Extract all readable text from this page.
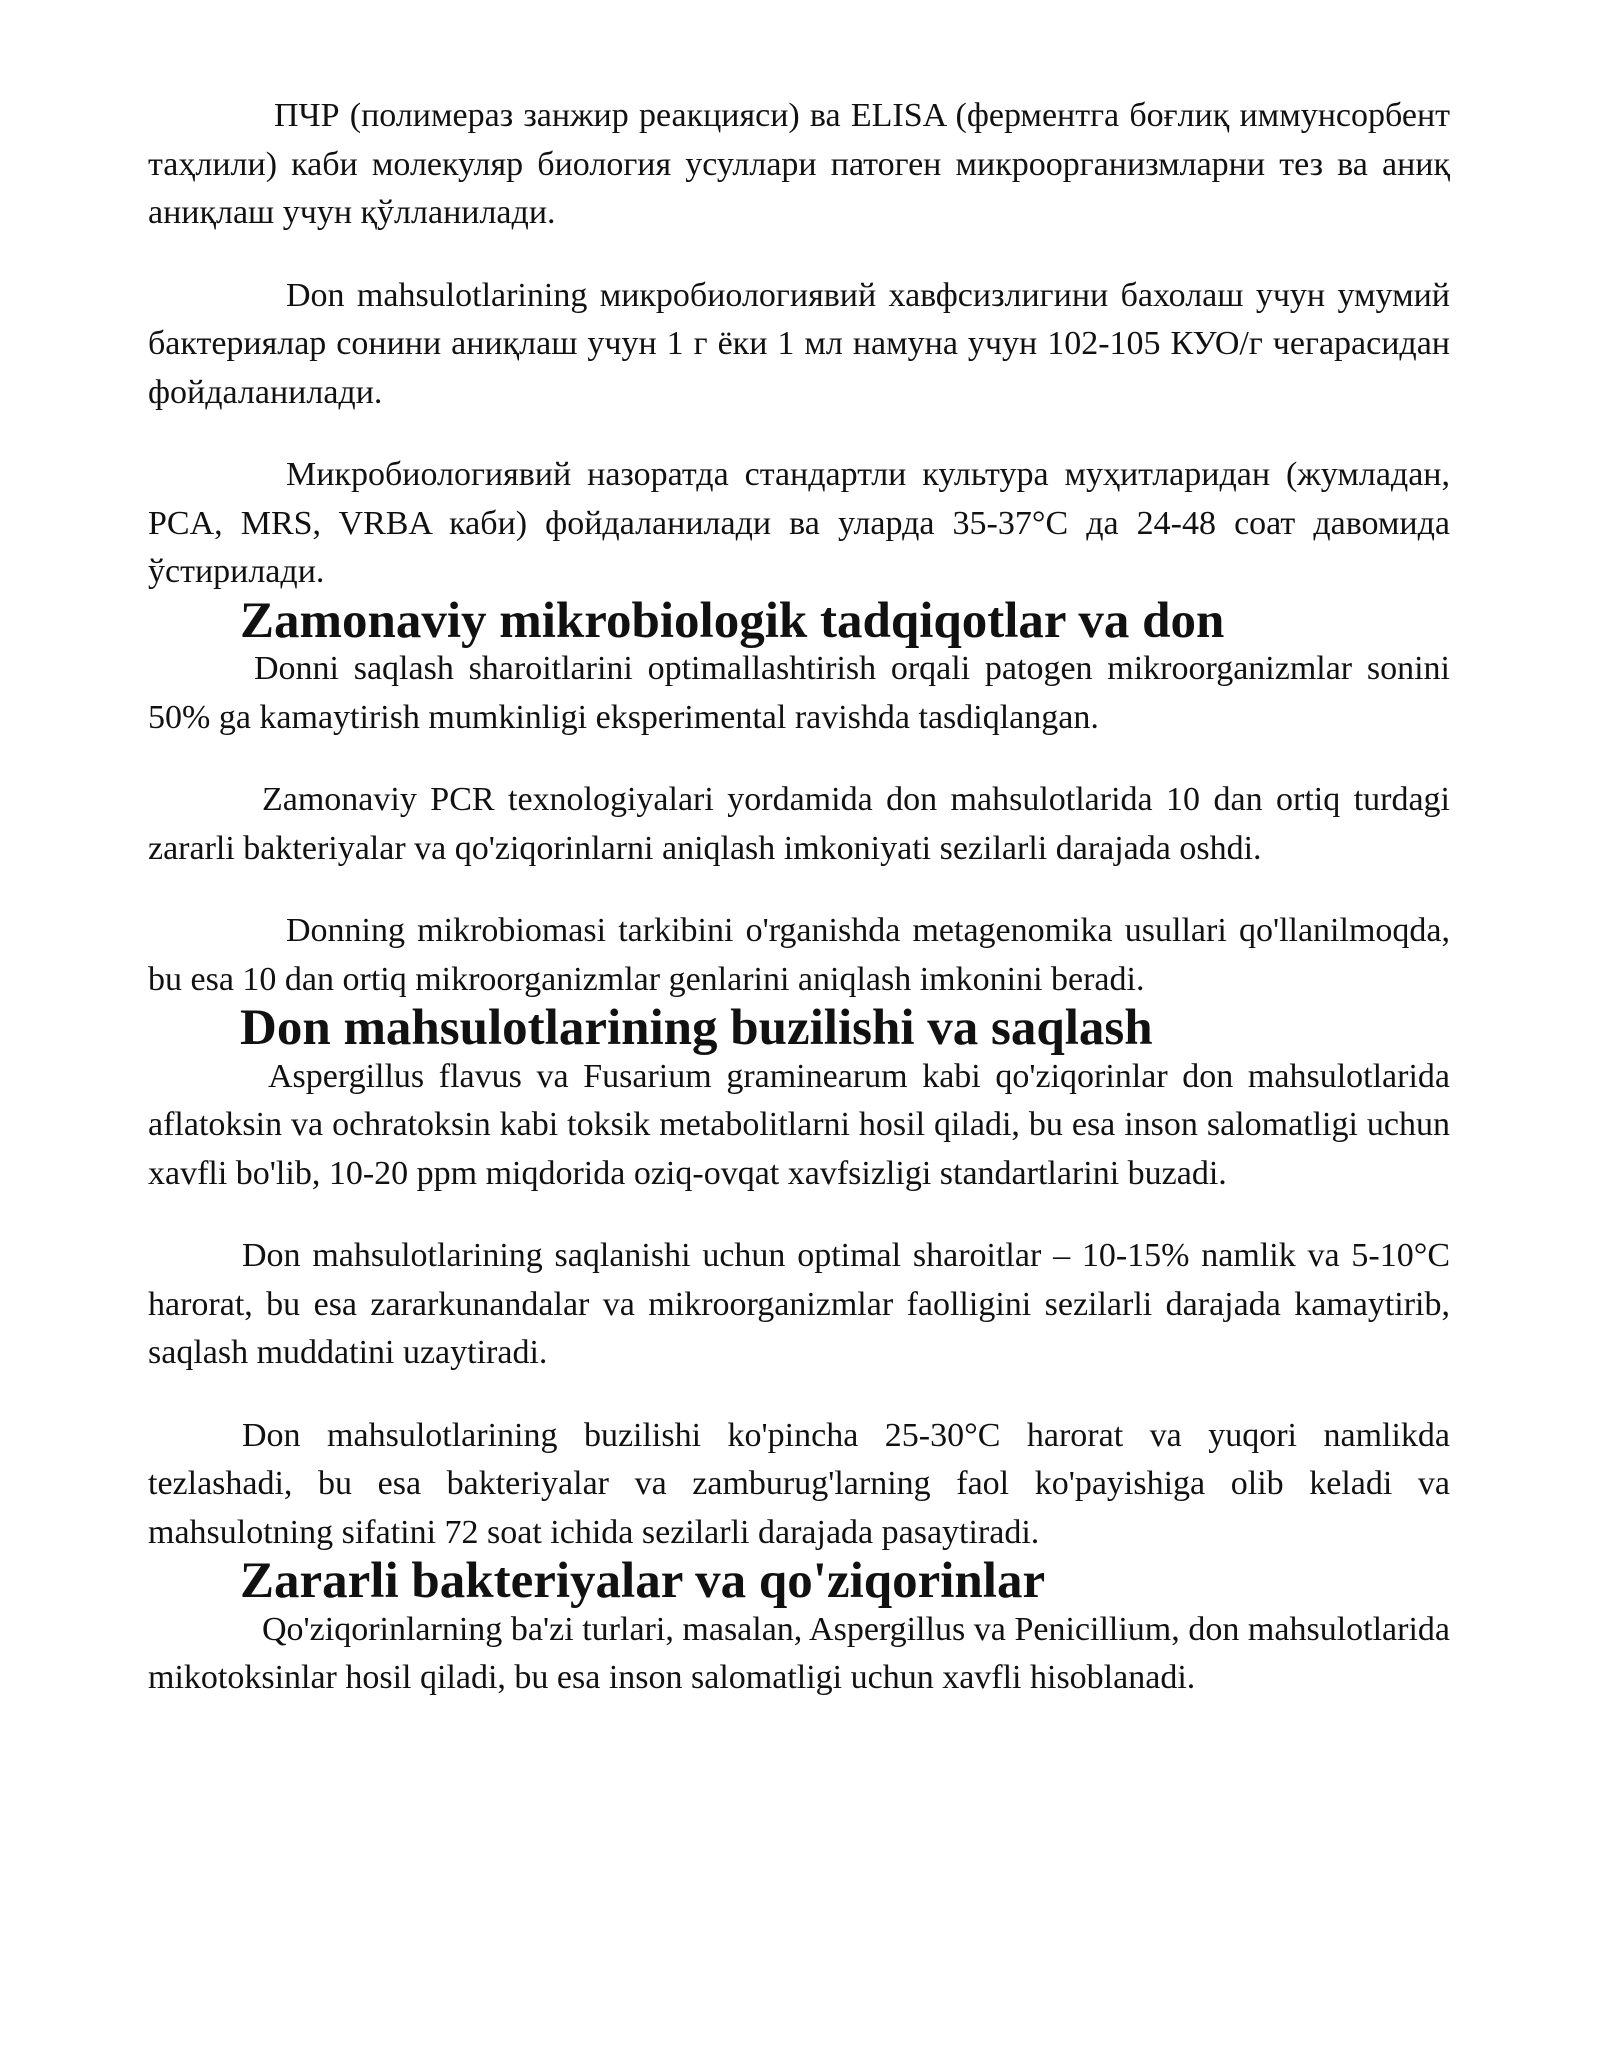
ПЧР (полимераз занжир реакцияси) ва ELISA (ферментга боғлиқ иммунсорбент таҳлили) каби молекуляр биология усуллари патоген микроорганизмларни тез ва аниқ аниқлаш учун қўлланилади.

Don mahsulotlarining микробиологиявий хавфсизлигини бахолаш учун умумий бактериялар сонини аниқлаш учун 1 г ёки 1 мл намуна учун 102-105 КУО/г чегарасидан фойдаланилади.

Микробиологиявий назоратда стандартли культура муҳитларидан (жумладан, PCA, MRS, VRBA каби) фойдаланилади ва уларда 35-37°С да 24-48 соат давомида ўстирилади.

Zamonaviy mikrobiologik tadqiqotlar va don

Donni saqlash sharoitlarini optimallashtirish orqali patogen mikroorganizmlar sonini 50% ga kamaytirish mumkinligi eksperimental ravishda tasdiqlangan.

Zamonaviy PCR texnologiyalari yordamida don mahsulotlarida 10 dan ortiq turdagi zararli bakteriyalar va qo'ziqorinlarni aniqlash imkoniyati sezilarli darajada oshdi.

Donning mikrobiomasi tarkibini o'rganishda metagenomika usullari qo'llanilmoqda, bu esa 10 dan ortiq mikroorganizmlar genlarini aniqlash imkonini beradi.

Don mahsulotlarining buzilishi va saqlash

Aspergillus flavus va Fusarium graminearum kabi qo'ziqorinlar don mahsulotlarida aflatoksin va ochratoksin kabi toksik metabolitlarni hosil qiladi, bu esa inson salomatligi uchun xavfli bo'lib, 10-20 ppm miqdorida oziq-ovqat xavfsizligi standartlarini buzadi.

Don mahsulotlarining saqlanishi uchun optimal sharoitlar – 10-15% namlik va 5-10°C harorat, bu esa zararkunandalar va mikroorganizmlar faolligini sezilarli darajada kamaytirib, saqlash muddatini uzaytiradi.

Don mahsulotlarining buzilishi ko'pincha 25-30°C harorat va yuqori namlikda tezlashadi, bu esa bakteriyalar va zamburug'larning faol ko'payishiga olib keladi va mahsulotning sifatini 72 soat ichida sezilarli darajada pasaytiradi.

Zararli bakteriyalar va qo'ziqorinlar

Qo'ziqorinlarning ba'zi turlari, masalan, Aspergillus va Penicillium, don mahsulotlarida mikotoksinlar hosil qiladi, bu esa inson salomatligi uchun xavfli hisoblanadi.
